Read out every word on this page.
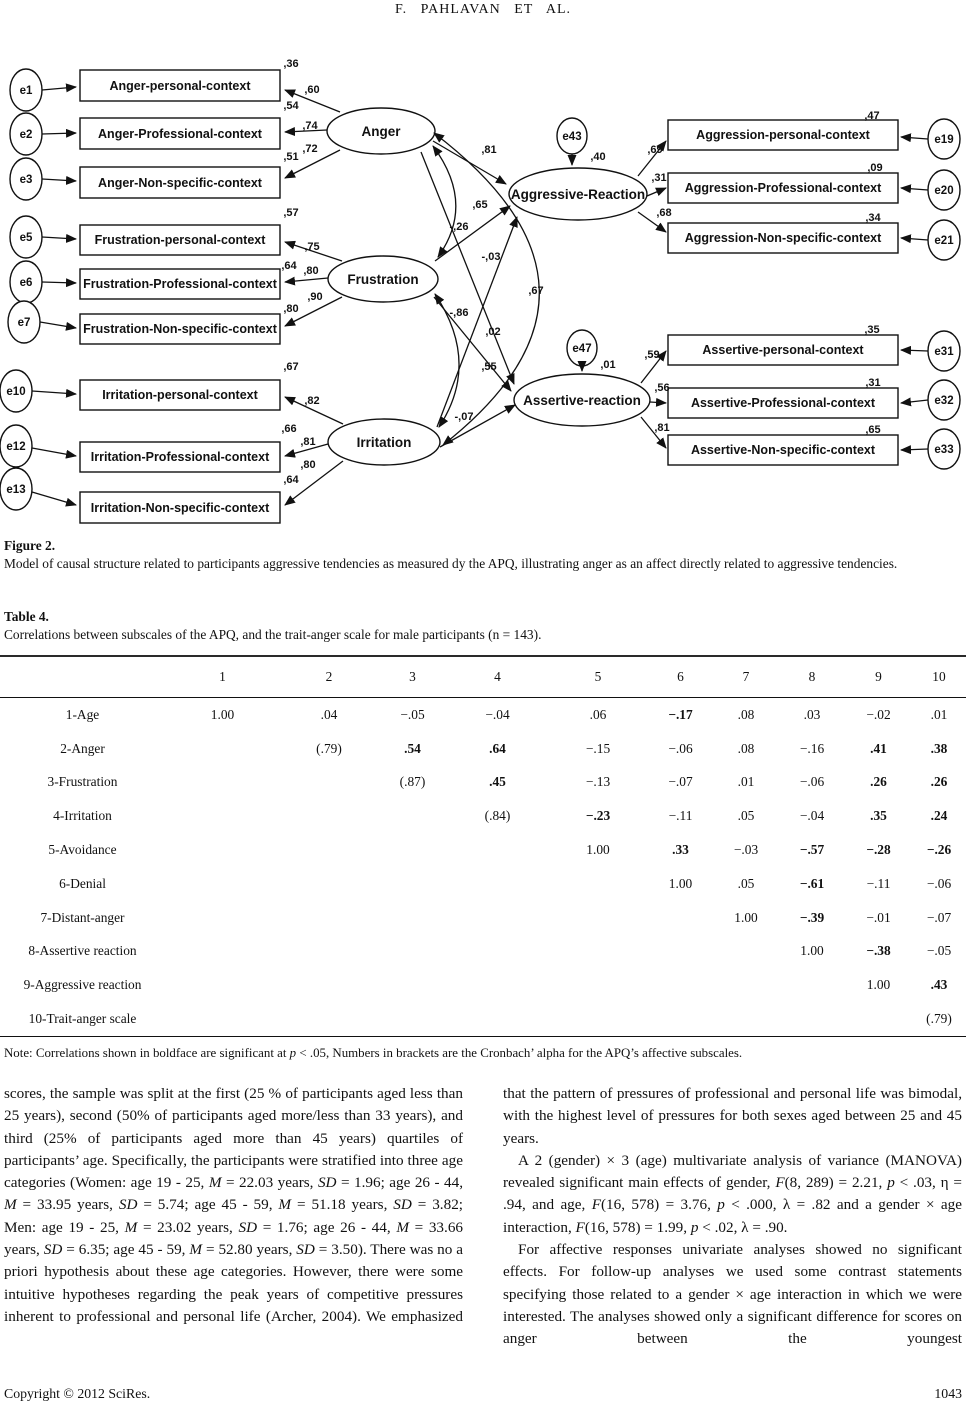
F. PAHLAVAN ET AL.
Anger
Frustration
Irritation
Aggressive-Reaction
Assertive-reaction
e1
e2
e3
e5
e6
e7
e10
e12
e13
e19
e20
e21
e31
e32
e33
e43
e47
,40
,01
Anger-personal-context
Anger-Professional-context
Anger-Non-specific-context
Frustration-personal-context
Frustration-Professional-context
Frustration-Non-specific-context
Irritation-personal-context
Irritation-Professional-context
Irritation-Non-specific-context
Aggression-personal-context
Aggression-Professional-context
Aggression-Non-specific-context
Assertive-personal-context
Assertive-Professional-context
Assertive-Non-specific-context
,36
,54
,51
,57
,64
,80
,67
,66
,64
,60
,74
,72
,75
,80
,90
,82
,81
,80
,47
,09
,34
,35
,31
,65
,69
,31
,68
,59
,56
,81
,81
,65
-,03
,55
,02
-,07
-,26
-,86
,67
Figure 2.
Model of causal structure related to participants aggressive tendencies as measured dy the APQ, illustrating anger as an affect directly related to aggressive tendencies.
Table 4.
Correlations between subscales of the APQ, and the trait-anger scale for male participants (n = 143).
	1	2	3	4	5	6	7	8	9	10
1-Age	1.00	.04	−.05	−.04	.06	−.17	.08	.03	−.02	.01
2-Anger		(.79)	.54	.64	−.15	−.06	.08	−.16	.41	.38
3-Frustration			(.87)	.45	−.13	−.07	.01	−.06	.26	.26
4-Irritation				(.84)	−.23	−.11	.05	−.04	.35	.24
5-Avoidance					1.00	.33	−.03	−.57	−.28	−.26
6-Denial						1.00	.05	−.61	−.11	−.06
7-Distant-anger							1.00	−.39	−.01	−.07
8-Assertive reaction								1.00	−.38	−.05
9-Aggressive reaction									1.00	.43
10-Trait-anger scale										(.79)
Note: Correlations shown in boldface are significant at p < .05, Numbers in brackets are the Cronbach’ alpha for the APQ’s affective subscales.

scores, the sample was split at the first (25 % of participants aged less than 25 years), second (50% of participants aged more/less than 33 years), and third (25% of participants aged more than 45 years) quartiles of participants’ age. Specifically, the participants were stratified into three age categories (Women: age 19 - 25, M = 22.03 years, SD = 1.96; age 26 - 44, M = 33.95 years, SD = 5.74; age 45 - 59, M = 51.18 years, SD = 3.82; Men: age 19 - 25, M = 23.02 years, SD = 1.76; age 26 - 44, M = 33.66 years, SD = 6.35; age 45 - 59, M = 52.80 years, SD = 3.50). There was no a priori hypothesis about these age categories. However, there were some intuitive hypotheses regarding the peak years of competitive pressures inherent to professional and personal life (Archer, 2004). We emphasized

that the pattern of pressures of professional and personal life was bimodal, with the highest level of pressures for both sexes aged between 25 and 45 years.

A 2 (gender) × 3 (age) multivariate analysis of variance (MANOVA) revealed significant main effects of gender, F(8, 289) = 2.21, p < .03, η = .94, and age, F(16, 578) = 3.76, p < .000, λ = .82 and a gender × age interaction, F(16, 578) = 1.99, p < .02, λ = .90.

For affective responses univariate analyses showed no significant effects. For follow-up analyses we used some contrast statements specifying those related to a gender × age interaction in which we were interested. The analyses showed only a significant difference for scores on anger between the youngest

1043
Copyright © 2012 SciRes.
